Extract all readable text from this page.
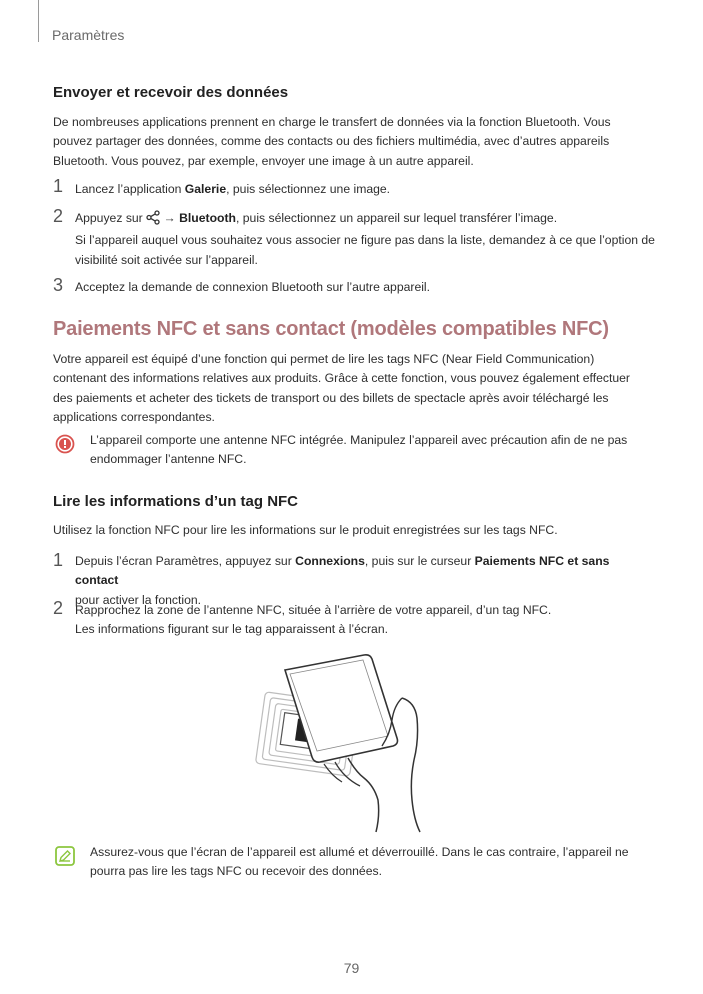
Paramètres
Envoyer et recevoir des données

De nombreuses applications prennent en charge le transfert de données via la fonction Bluetooth. Vous pouvez partager des données, comme des contacts ou des fichiers multimédia, avec d’autres appareils Bluetooth. Vous pouvez, par exemple, envoyer une image à un autre appareil.

1 Lancez l’application Galerie, puis sélectionnez une image.
2 Appuyez sur  → Bluetooth, puis sélectionnez un appareil sur lequel transférer l’image.
Si l’appareil auquel vous souhaitez vous associer ne figure pas dans la liste, demandez à ce que l’option de visibilité soit activée sur l’appareil.
3 Acceptez la demande de connexion Bluetooth sur l’autre appareil.
Paiements NFC et sans contact (modèles compatibles NFC)

Votre appareil est équipé d’une fonction qui permet de lire les tags NFC (Near Field Communication) contenant des informations relatives aux produits. Grâce à cette fonction, vous pouvez également effectuer des paiements et acheter des tickets de transport ou des billets de spectacle après avoir téléchargé les applications correspondantes.

L’appareil comporte une antenne NFC intégrée. Manipulez l’appareil avec précaution afin de ne pas endommager l’antenne NFC.

Lire les informations d’un tag NFC

Utilisez la fonction NFC pour lire les informations sur le produit enregistrées sur les tags NFC.

1 Depuis l’écran Paramètres, appuyez sur Connexions, puis sur le curseur Paiements NFC et sans contact
pour activer la fonction.
2 Rapprochez la zone de l’antenne NFC, située à l’arrière de votre appareil, d’un tag NFC.
Les informations figurant sur le tag apparaissent à l’écran.

Assurez-vous que l’écran de l’appareil est allumé et déverrouillé. Dans le cas contraire, l’appareil ne pourra pas lire les tags NFC ou recevoir des données.

79
